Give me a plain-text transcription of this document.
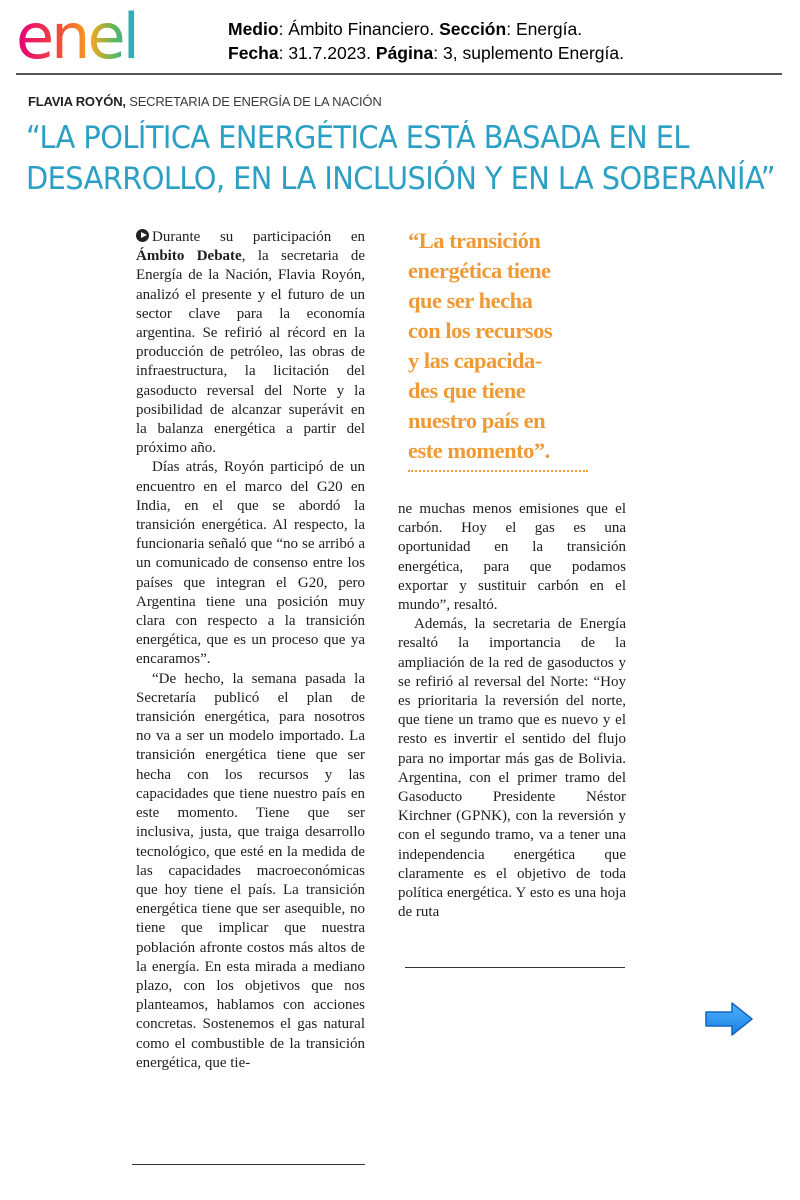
enel	Medio: Ámbito Financiero. Sección: Energía.
Fecha: 31.7.2023. Página: 3, suplemento Energía.
FLAVIA ROYÓN, SECRETARIA DE ENERGÍA DE LA NACIÓN
“LA POLÍTICA ENERGÉTICA ESTÁ BASADA EN EL
DESARROLLO, EN LA INCLUSIÓN Y EN LA SOBERANÍA”

Durante su participación en Ámbito Debate, la secretaria de Energía de la Nación, Flavia Royón, analizó el presente y el futuro de un sector clave para la economía argentina. Se refirió al récord en la producción de petróleo, las obras de infraestructura, la licitación del gasoducto reversal del Norte y la posibilidad de alcanzar superávit en la balanza energética a partir del próximo año.

Días atrás, Royón participó de un encuentro en el marco del G20 en India, en el que se abordó la transición energética. Al respecto, la funcionaria señaló que “no se arribó a un comunicado de consenso entre los países que integran el G20, pero Argentina tiene una posición muy clara con respecto a la transición energética, que es un proceso que ya encaramos”.

“De hecho, la semana pasada la Secretaría publicó el plan de transición energética, para nosotros no va a ser un modelo importado. La transición energética tiene que ser hecha con los recursos y las capacidades que tiene nuestro país en este momento. Tiene que ser inclusiva, justa, que traiga desarrollo tecnológico, que esté en la medida de las capacidades macroeconómicas que hoy tiene el país. La transición energética tiene que ser asequible, no tiene que implicar que nuestra población afronte costos más altos de la energía. En esta mirada a mediano plazo, con los objetivos que nos planteamos, hablamos con acciones concretas. Sostenemos el gas natural como el combustible de la transición energética, que tie-

“La transición
energética tiene
que ser hecha
con los recursos
y las capacida-
des que tiene
nuestro país en
este momento”.

ne muchas menos emisiones que el carbón. Hoy el gas es una oportunidad en la transición energética, para que podamos exportar y sustituir carbón en el mundo”, resaltó.

Además, la secretaria de Energía resaltó la importancia de la ampliación de la red de gasoductos y se refirió al reversal del Norte: “Hoy es prioritaria la reversión del norte, que tiene un tramo que es nuevo y el resto es invertir el sentido del flujo para no importar más gas de Bolivia. Argentina, con el primer tramo del Gasoducto Presidente Néstor Kirchner (GPNK), con la reversión y con el segundo tramo, va a tener una independencia energética que claramente es el objetivo de toda política energética. Y esto es una hoja de ruta
